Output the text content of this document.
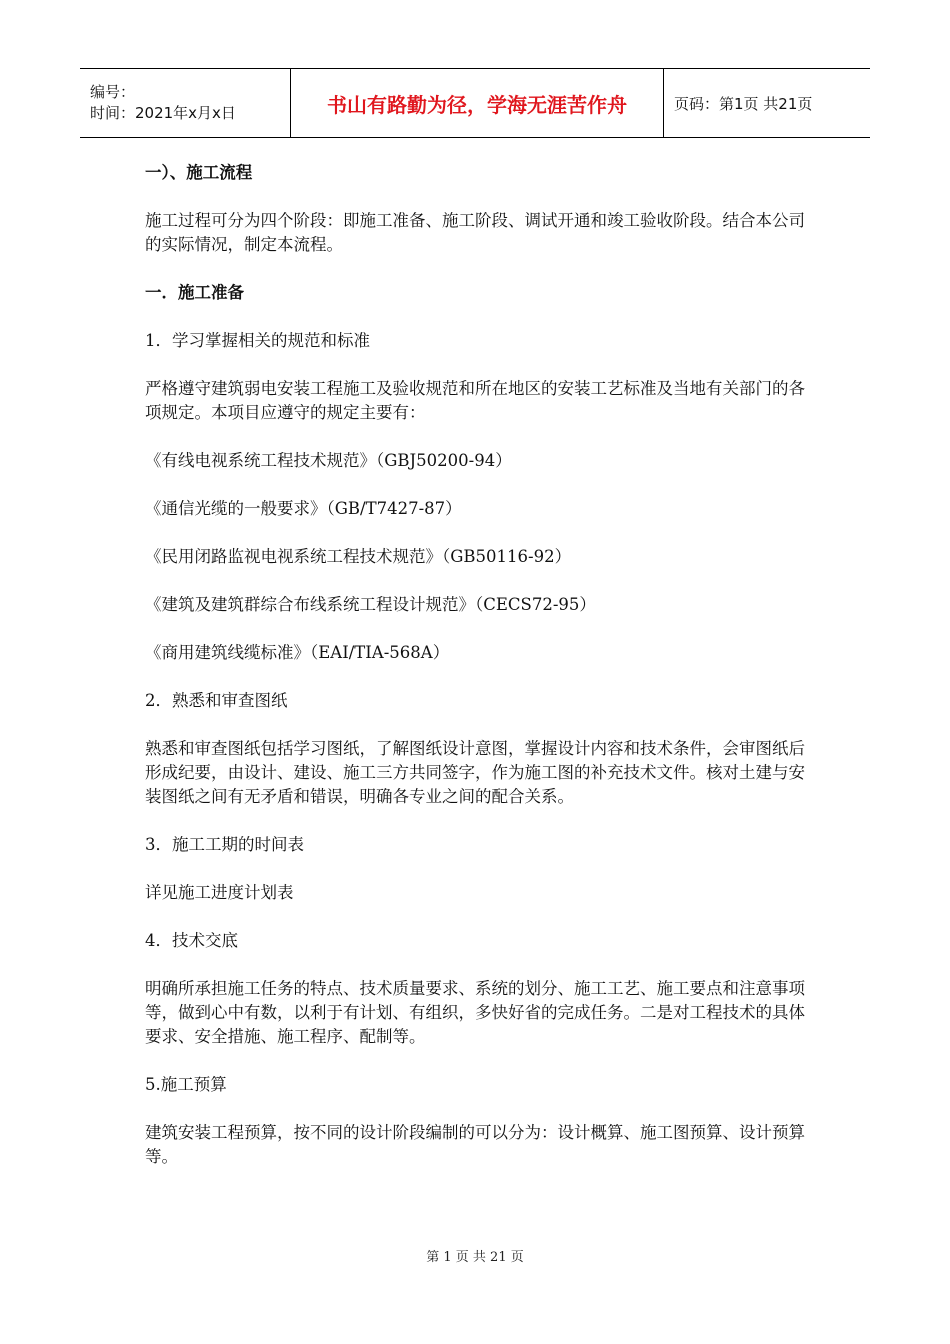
编号：
时间：2021年x月x日	书山有路勤为径，学海无涯苦作舟	页码：第1页 共21页

一）、施工流程

施工过程可分为四个阶段：即施工准备、施工阶段、调试开通和竣工验收阶段。结合本公司的实际情况，制定本流程。

一．施工准备

1．学习掌握相关的规范和标准

严格遵守建筑弱电安装工程施工及验收规范和所在地区的安装工艺标准及当地有关部门的各项规定。本项目应遵守的规定主要有：

《有线电视系统工程技术规范》（GBJ50200-94）

《通信光缆的一般要求》（GB/T7427-87）

《民用闭路监视电视系统工程技术规范》（GB50116-92）

《建筑及建筑群综合布线系统工程设计规范》（CECS72-95）

《商用建筑线缆标准》（EAI/TIA-568A）

2．熟悉和审查图纸

熟悉和审查图纸包括学习图纸，了解图纸设计意图，掌握设计内容和技术条件，会审图纸后形成纪要，由设计、建设、施工三方共同签字，作为施工图的补充技术文件。核对土建与安装图纸之间有无矛盾和错误，明确各专业之间的配合关系。

3．施工工期的时间表

详见施工进度计划表

4．技术交底

明确所承担施工任务的特点、技术质量要求、系统的划分、施工工艺、施工要点和注意事项等，做到心中有数，以利于有计划、有组织，多快好省的完成任务。二是对工程技术的具体要求、安全措施、施工程序、配制等。

5.施工预算

建筑安装工程预算，按不同的设计阶段编制的可以分为：设计概算、施工图预算、设计预算等。

第 1 页 共 21 页
